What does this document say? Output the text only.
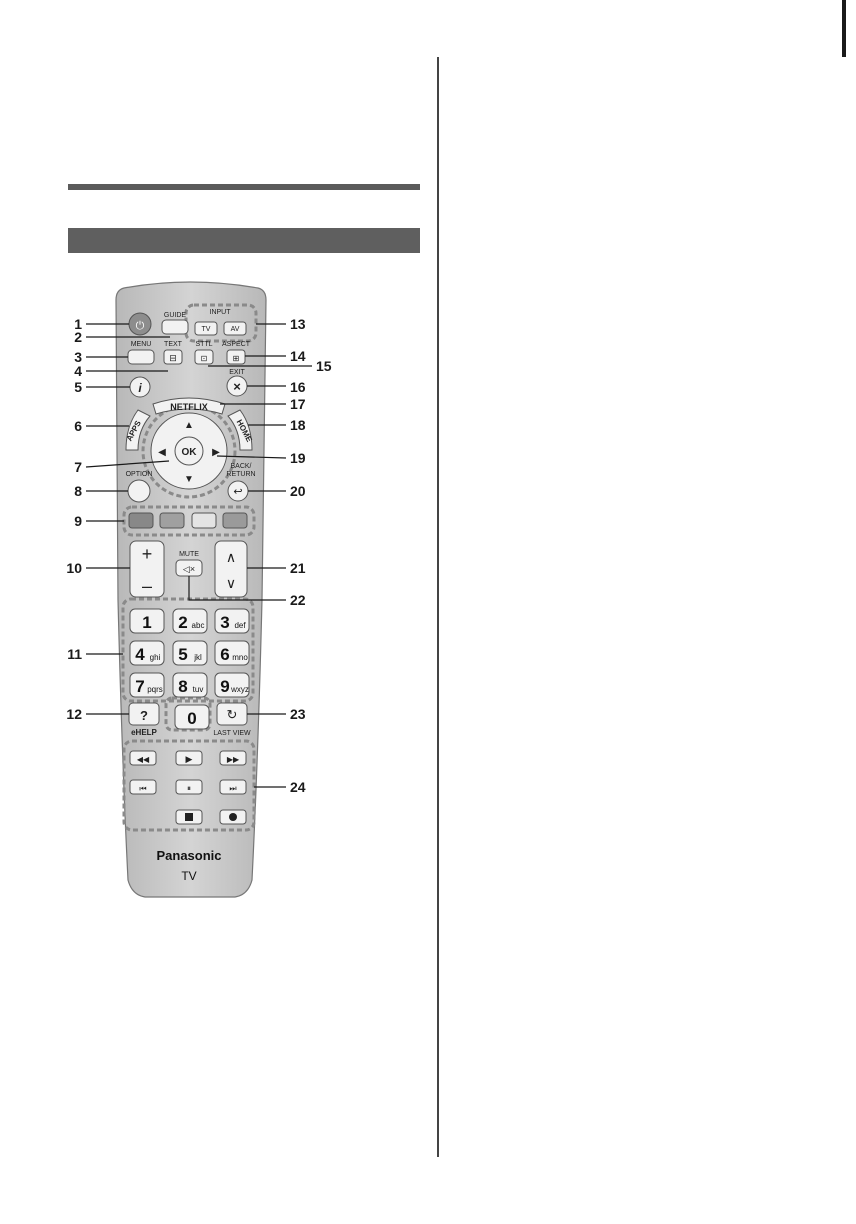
⏻
GUIDE	INPUT
TV	AV
MENU TEXT
⊟
STTL
⊡
ASPECT
⊞
i
EXIT
×
NETFLIX
APPS	HOME
▲
▼
◀	▶
OK
OPTION
BACK/
RETURN
↩
+
–
∧
∨
MUTE
◁×
1 2 abc 3 def
4 ghi 5 jkl 6 mno
7 pqrs 8 tuv 9 wxyz
0
?
eHELP
↻
LAST VIEW
◀◀	▶	▶▶
⏮	⏸	⏭
Panasonic
TV
1
2
3
4
5
6
7
8
9
10
11
12
13
14
15
16
17
18
19
20
21
22
23
24
